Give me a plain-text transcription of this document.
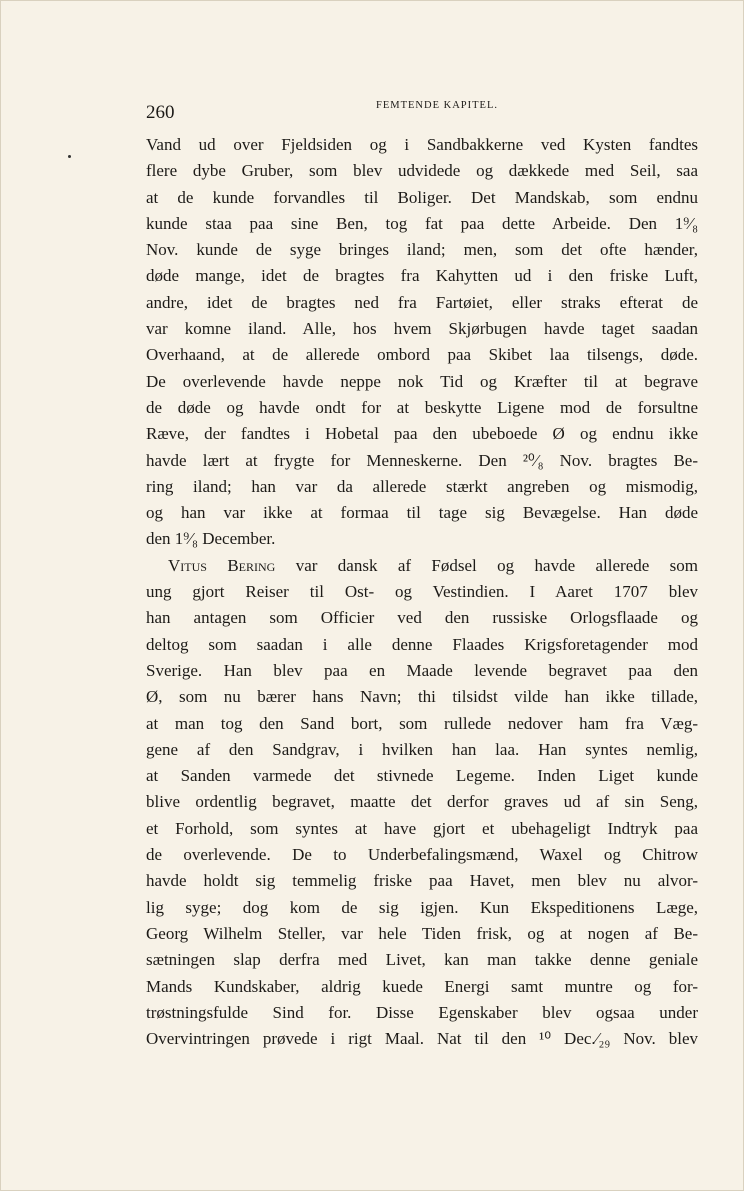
260	FEMTENDE KAPITEL.
Vand ud over Fjeldsiden og i Sandbakkerne ved Kysten fandtes
flere dybe Gruber, som blev udvidede og dækkede med Seil, saa
at de kunde forvandles til Boliger. Det Mandskab, som endnu
kunde staa paa sine Ben, tog fat paa dette Arbeide. Den 1⁹⁄₈
Nov. kunde de syge bringes iland; men, som det ofte hænder,
døde mange, idet de bragtes fra Kahytten ud i den friske Luft,
andre, idet de bragtes ned fra Fartøiet, eller straks efterat de
var komne iland. Alle, hos hvem Skjørbugen havde taget saadan
Overhaand, at de allerede ombord paa Skibet laa tilsengs, døde.
De overlevende havde neppe nok Tid og Kræfter til at begrave
de døde og havde ondt for at beskytte Ligene mod de forsultne
Ræve, der fandtes i Hobetal paa den ubeboede Ø og endnu ikke
havde lært at frygte for Menneskerne. Den ²⁰⁄₈ Nov. bragtes Be-
ring iland; han var da allerede stærkt angreben og mismodig,
og han var ikke at formaa til tage sig Bevægelse. Han døde
den 1⁹⁄₈ December.
Vitus Bering var dansk af Fødsel og havde allerede som
ung gjort Reiser til Ost- og Vestindien. I Aaret 1707 blev
han antagen som Officier ved den russiske Orlogsflaade og
deltog som saadan i alle denne Flaades Krigsforetagender mod
Sverige. Han blev paa en Maade levende begravet paa den
Ø, som nu bærer hans Navn; thi tilsidst vilde han ikke tillade,
at man tog den Sand bort, som rullede nedover ham fra Væg-
gene af den Sandgrav, i hvilken han laa. Han syntes nemlig,
at Sanden varmede det stivnede Legeme. Inden Liget kunde
blive ordentlig begravet, maatte det derfor graves ud af sin Seng,
et Forhold, som syntes at have gjort et ubehageligt Indtryk paa
de overlevende. De to Underbefalingsmænd, Waxel og Chitrow
havde holdt sig temmelig friske paa Havet, men blev nu alvor-
lig syge; dog kom de sig igjen. Kun Ekspeditionens Læge,
Georg Wilhelm Steller, var hele Tiden frisk, og at nogen af Be-
sætningen slap derfra med Livet, kan man takke denne geniale
Mands Kundskaber, aldrig kuede Energi samt muntre og for-
trøstningsfulde Sind for. Disse Egenskaber blev ogsaa under
Overvintringen prøvede i rigt Maal. Nat til den ¹⁰ Dec.⁄₂₉ Nov. blev
